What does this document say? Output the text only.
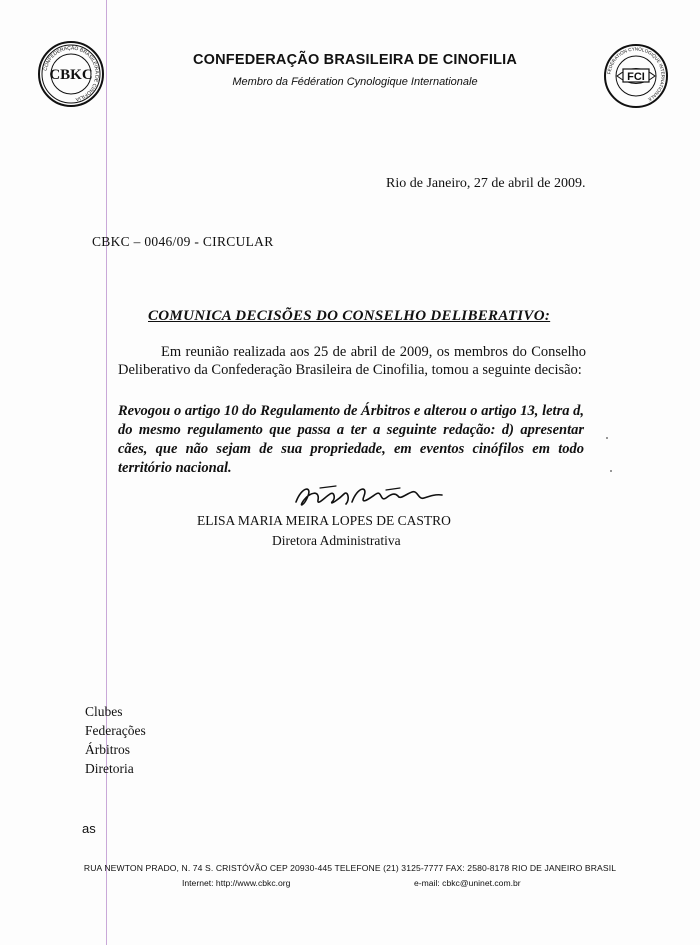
CONFEDERAÇÃO BRASILEIRA DE CINOFILIA
CBKC	FÉDÉRATION CYNOLOGIQUE INTERNATIONALE
FCI
CONFEDERAÇÃO BRASILEIRA DE CINOFILIA
Membro da Fédération Cynologique Internationale
Rio de Janeiro, 27 de abril de 2009.
CBKC – 0046/09 - CIRCULAR
COMUNICA DECISÕES DO CONSELHO DELIBERATIVO:

Em reunião realizada aos 25 de abril de 2009, os membros do Conselho Deliberativo da Confederação Brasileira de Cinofilia, tomou a seguinte decisão:

Revogou o artigo 10 do Regulamento de Árbitros e alterou o artigo 13, letra d, do mesmo regulamento que passa a ter a seguinte redação: d) apresentar cães, que não sejam de sua propriedade, em eventos cinófilos em todo território nacional.

ELISA MARIA MEIRA LOPES DE CASTRO
Diretora Administrativa
Clubes
Federações
Árbitros
Diretoria
as
RUA NEWTON PRADO, N. 74 S. CRISTÓVÃO CEP 20930-445 TELEFONE (21) 3125-7777 FAX: 2580-8178 RIO DE JANEIRO BRASIL
Internet: http://www.cbkc.org	e-mail: cbkc@uninet.com.br
